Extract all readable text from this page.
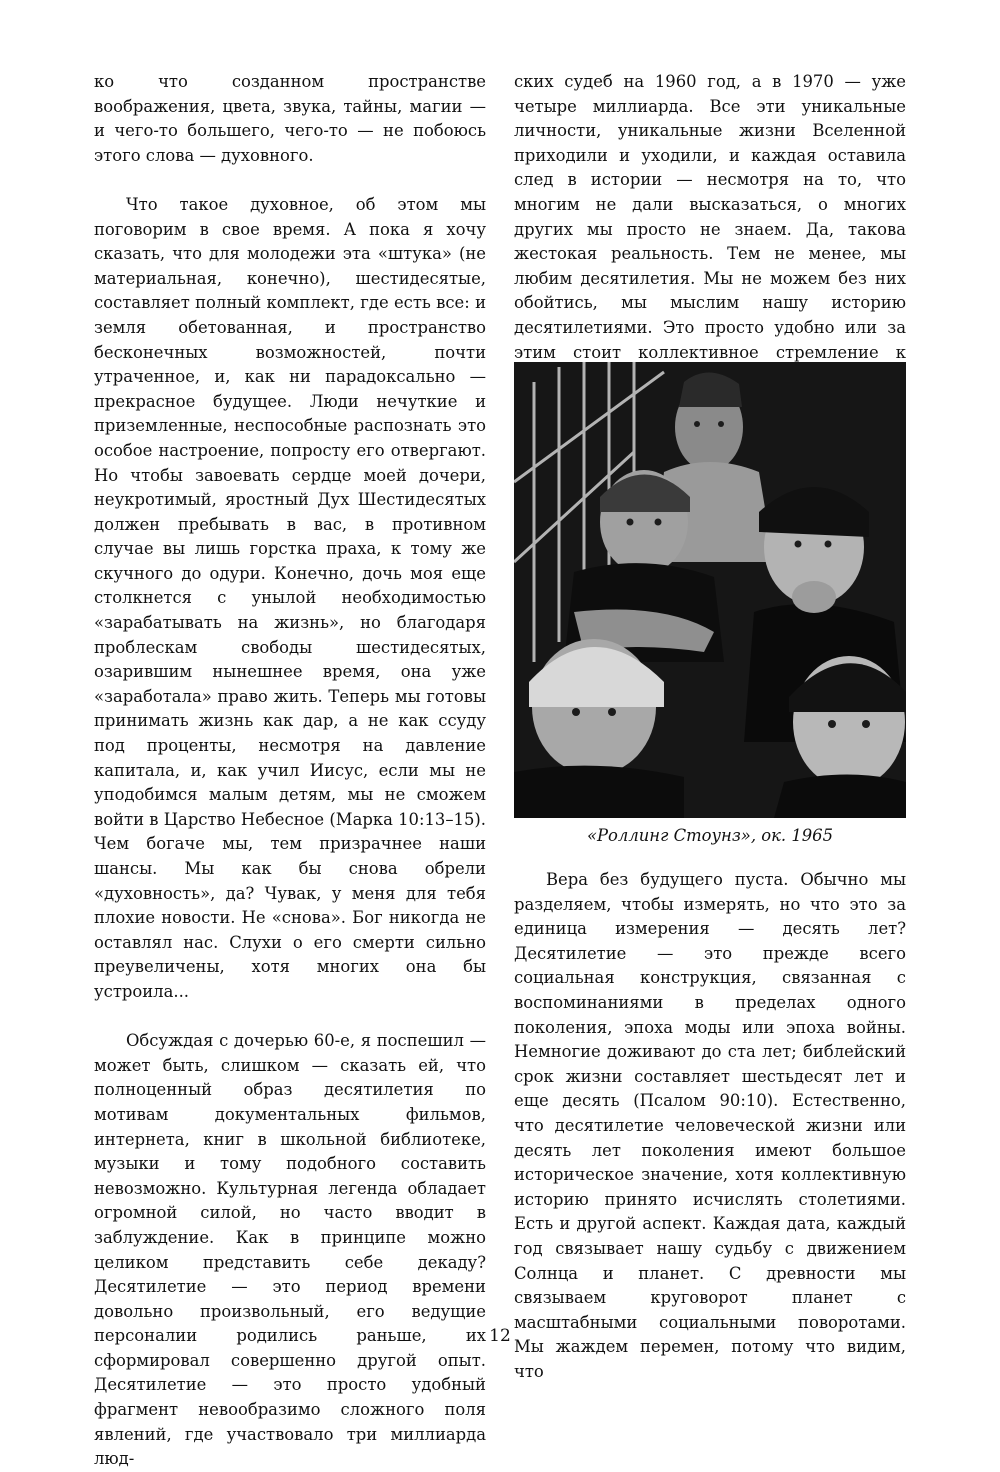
ко что созданном пространстве воображения, цвета, звука, тайны, магии — и чего-то большего, чего-то — не побоюсь этого слова — духовного.

Что такое духовное, об этом мы поговорим в свое время. А пока я хочу сказать, что для молодежи эта «штука» (не материальная, конечно), шестидесятые, составляет полный комплект, где есть все: и земля обетованная, и пространство бесконечных возможностей, почти утраченное, и, как ни парадоксально — прекрасное будущее. Люди нечуткие и приземленные, неспособные распознать это особое настроение, попросту его отвергают. Но чтобы завоевать сердце моей дочери, неукротимый, яростный Дух Шестидесятых должен пребывать в вас, в противном случае вы лишь горстка праха, к тому же скучного до одури. Конечно, дочь моя еще столкнется с унылой необходимостью «зарабатывать на жизнь», но благодаря проблескам свободы шестидесятых, озарившим нынешнее время, она уже «заработала» право жить. Теперь мы готовы принимать жизнь как дар, а не как ссуду под проценты, несмотря на давление капитала, и, как учил Иисус, если мы не уподобимся малым детям, мы не сможем войти в Царство Небесное (Марка 10:13–15). Чем богаче мы, тем призрачнее наши шансы. Мы как бы снова обрели «духовность», да? Чувак, у меня для тебя плохие новости. Не «снова». Бог никогда не оставлял нас. Слухи о его смерти сильно преувеличены, хотя многих она бы устроила...

Обсуждая с дочерью 60-е, я поспешил — может быть, слишком — сказать ей, что полноценный образ десятилетия по мотивам документальных фильмов, интернета, книг в школьной библиотеке, музыки и тому подобного составить невозможно. Культурная легенда обладает огромной силой, но часто вводит в заблуждение. Как в принципе можно целиком представить себе декаду? Десятилетие — это период времени довольно произвольный, его ведущие персоналии родились раньше, их сформировал совершенно другой опыт. Десятилетие — это просто удобный фрагмент невообразимо сложного поля явлений, где участвовало три миллиарда люд-

ских судеб на 1960 год, а в 1970 — уже четыре миллиарда. Все эти уникальные личности, уникальные жизни Вселенной приходили и уходили, и каждая оставила след в истории — несмотря на то, что многим не дали высказаться, о многих других мы просто не знаем. Да, такова жестокая реальность. Тем не менее, мы любим десятилетия. Мы не можем без них обойтись, мы мыслим нашу историю десятилетиями. Это просто удобно или за этим стоит коллективное стремление к

«Роллинг Стоунз», ок. 1965

Вера без будущего пуста. Обычно мы разделяем, чтобы измерять, но что это за единица измерения — десять лет? Десятилетие — это прежде всего социальная конструкция, связанная с воспоминаниями в пределах одного поколения, эпоха моды или эпоха войны. Немногие доживают до ста лет; библейский срок жизни составляет шестьдесят лет и еще десять (Псалом 90:10). Естественно, что десятилетие человеческой жизни или десять лет поколения имеют большое историческое значение, хотя коллективную историю принято исчислять столетиями. Есть и другой аспект. Каждая дата, каждый год связывает нашу судьбу с движением Солнца и планет. С древности мы связываем круговорот планет с масштабными социальными поворотами. Мы жаждем перемен, потому что видим, что

12
